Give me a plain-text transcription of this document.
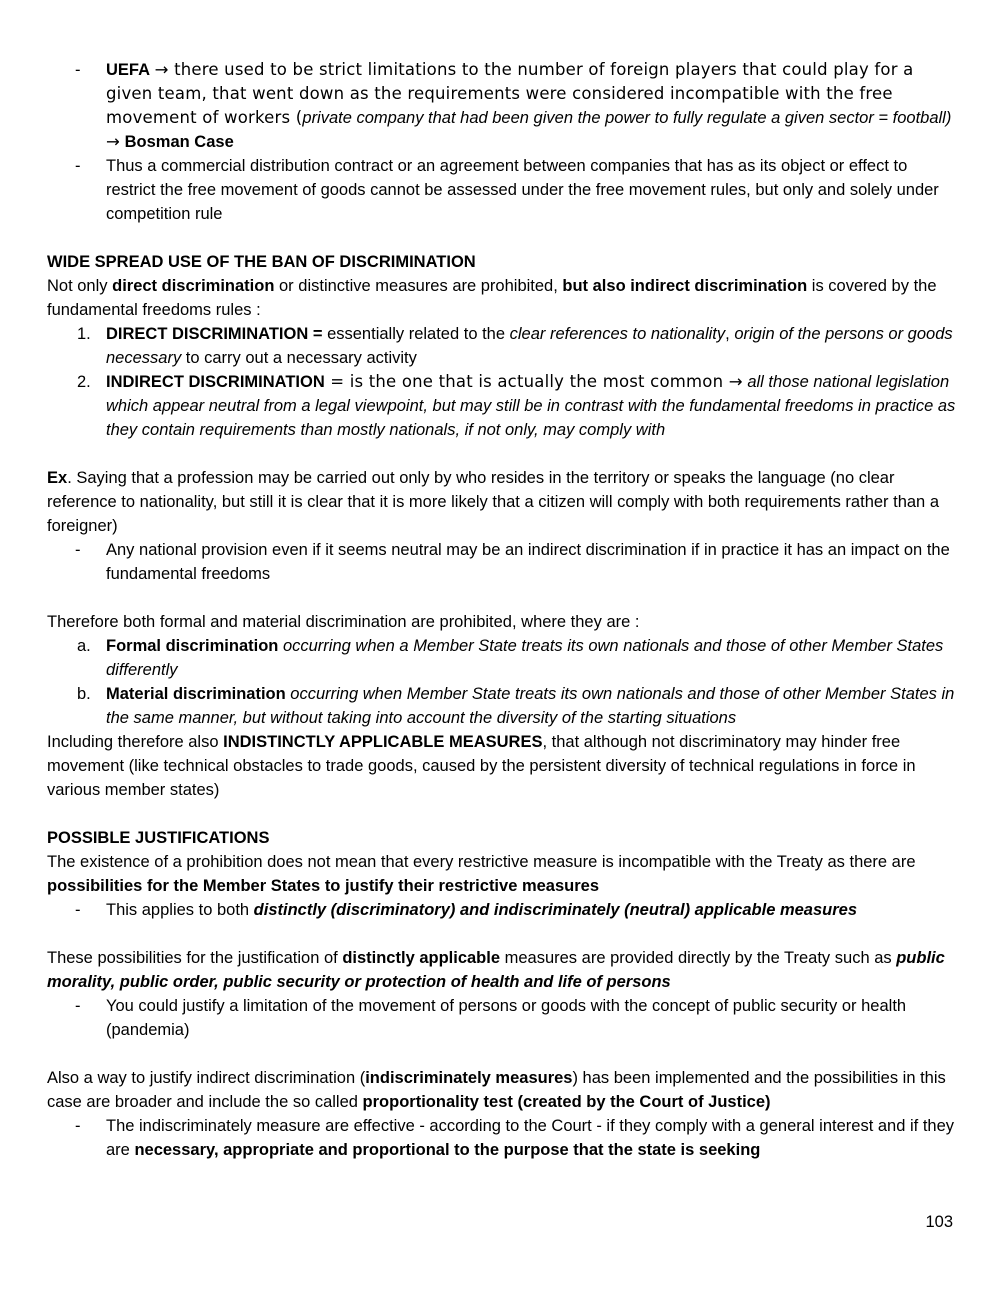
-	UEFA → there used to be strict limitations to the number of foreign players that could play for a given team, that went down as the requirements were considered incompatible with the free movement of workers (private company that had been given the power to fully regulate a given sector = football) → Bosman Case

-	Thus a commercial distribution contract or an agreement between companies that has as its object or effect to restrict the free movement of goods cannot be assessed under the free movement rules, but only and solely under competition rule

WIDE SPREAD USE OF THE BAN OF DISCRIMINATION

Not only direct discrimination or distinctive measures are prohibited, but also indirect discrimination is covered by the fundamental freedoms rules :

1. DIRECT DISCRIMINATION = essentially related to the clear references to nationality, origin of the persons or goods necessary to carry out a necessary activity

2. INDIRECT DISCRIMINATION = is the one that is actually the most common → all those national legislation which appear neutral from a legal viewpoint, but may still be in contrast with the fundamental freedoms in practice as they contain requirements than mostly nationals, if not only, may comply with

Ex. Saying that a profession may be carried out only by who resides in the territory or speaks the language (no clear reference to nationality, but still it is clear that it is more likely that a citizen will comply with both requirements rather than a foreigner)

-	Any national provision even if it seems neutral may be an indirect discrimination if in practice it has an impact on the fundamental freedoms

Therefore both formal and material discrimination are prohibited, where they are :

a. Formal discrimination occurring when a Member State treats its own nationals and those of other Member States differently

b. Material discrimination occurring when Member State treats its own nationals and those of other Member States in the same manner, but without taking into account the diversity of the starting situations

Including therefore also INDISTINCTLY APPLICABLE MEASURES, that although not discriminatory may hinder free movement (like technical obstacles to trade goods, caused by the persistent diversity of technical regulations in force in various member states)

POSSIBLE JUSTIFICATIONS

The existence of a prohibition does not mean that every restrictive measure is incompatible with the Treaty as there are possibilities for the Member States to justify their restrictive measures

-	This applies to both distinctly (discriminatory) and indiscriminately (neutral) applicable measures

These possibilities for the justification of distinctly applicable measures are provided directly by the Treaty such as public morality, public order, public security or protection of health and life of persons

-	You could justify a limitation of the movement of persons or goods with the concept of public security or health (pandemia)

Also a way to justify indirect discrimination (indiscriminately measures) has been implemented and the possibilities in this case are broader and include the so called proportionality test (created by the Court of Justice)

-	The indiscriminately measure are effective - according to the Court - if they comply with a general interest and if they are necessary, appropriate and proportional to the purpose that the state is seeking

103
